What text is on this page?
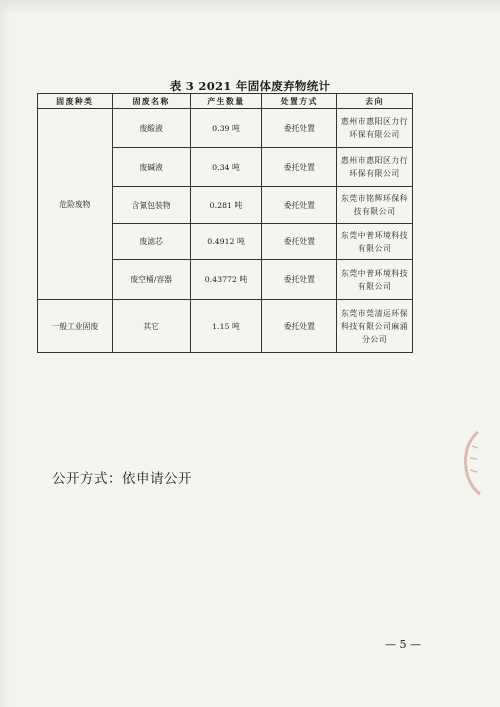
表 3 2021 年固体废弃物统计
固废种类	固废名称	产生数量	处置方式	去向
危险废物	废酸液	0.39 吨	委托处置	惠州市惠阳区力行环保有限公司
	废碱液	0.34 吨	委托处置	惠州市惠阳区力行环保有限公司
	含氰包装物	0.281 吨	委托处置	东莞市铭辉环保科技有限公司
	废滤芯	0.4912 吨	委托处置	东莞中普环境科技有限公司
	废空桶/容器	0.43772 吨	委托处置	东莞中普环境科技有限公司
一般工业固废	其它	1.15 吨	委托处置	东莞市莞清运环保科技有限公司麻涌分公司
公开方式：依申请公开
— 5 —
